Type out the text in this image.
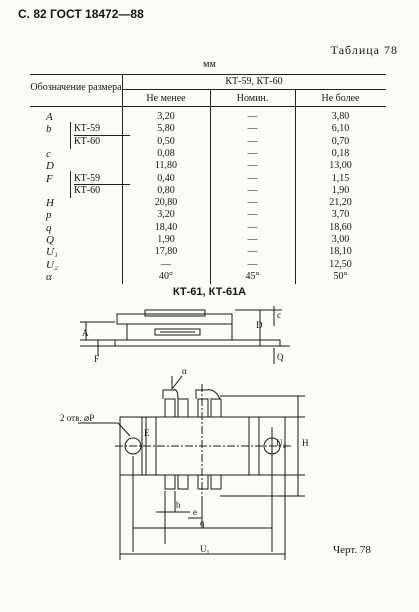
С. 82 ГОСТ 18472—88
Таблица 78
мм
Обозначение размера
КТ-59, КТ-60
Не менее	Номин.	Не более
A	3,20	—	3,80
b КТ-59	5,80	—	6,10
КТ-60	0,50	—	0,70
c	0,08	—	0,18
D	11,80	—	13,00
F КТ-59	0,40	—	1,15
КТ-60	0,80	—	1,90
H	20,80	—	21,20
p	3,20	—	3,70
q	18,40	—	18,60
Q	1,90	—	3,00
U₁	17,80	—	18,10
U₂	—	—	12,50
α	40°	45°	50°
КТ-61, КТ-61А
A
F
D
c
Q
α
2 отв. ⌀P
E
U₂ H
b
e
q
U₁	Черт. 78
